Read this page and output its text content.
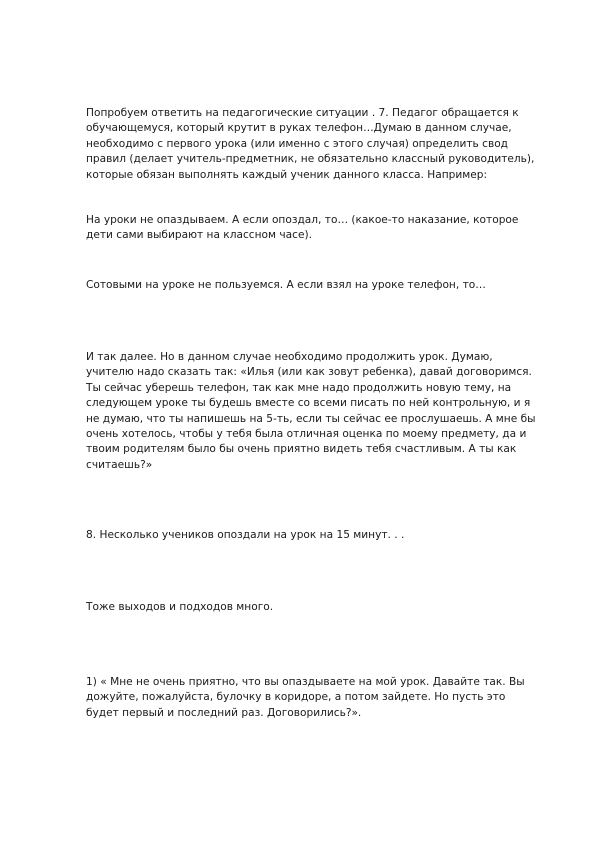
Попробуем ответить на педагогические ситуации . 7. Педагог обращается к
обучающемуся, который крутит в руках телефон…Думаю в данном случае,
необходимо с первого урока (или именно с этого случая) определить свод
правил (делает учитель-предметник, не обязательно классный руководитель),
которые обязан выполнять каждый ученик данного класса. Например:

На уроки не опаздываем. А если опоздал, то… (какое-то наказание, которое
дети сами выбирают на классном часе).

Сотовыми на уроке не пользуемся. А если взял на уроке телефон, то…

И так далее. Но в данном случае необходимо продолжить урок. Думаю,
учителю надо сказать так: «Илья (или как зовут ребенка), давай договоримся.
Ты сейчас уберешь телефон, так как мне надо продолжить новую тему, на
следующем уроке ты будешь вместе со всеми писать по ней контрольную, и я
не думаю, что ты напишешь на 5-ть, если ты сейчас ее прослушаешь. А мне бы
очень хотелось, чтобы у тебя была отличная оценка по моему предмету, да и
твоим родителям было бы очень приятно видеть тебя счастливым. А ты как
считаешь?»

8. Несколько учеников опоздали на урок на 15 минут. . .

Тоже выходов и подходов много.

1) « Мне не очень приятно, что вы опаздываете на мой урок. Давайте так. Вы
дожуйте, пожалуйста, булочку в коридоре, а потом зайдете. Но пусть это
будет первый и последний раз. Договорились?».
